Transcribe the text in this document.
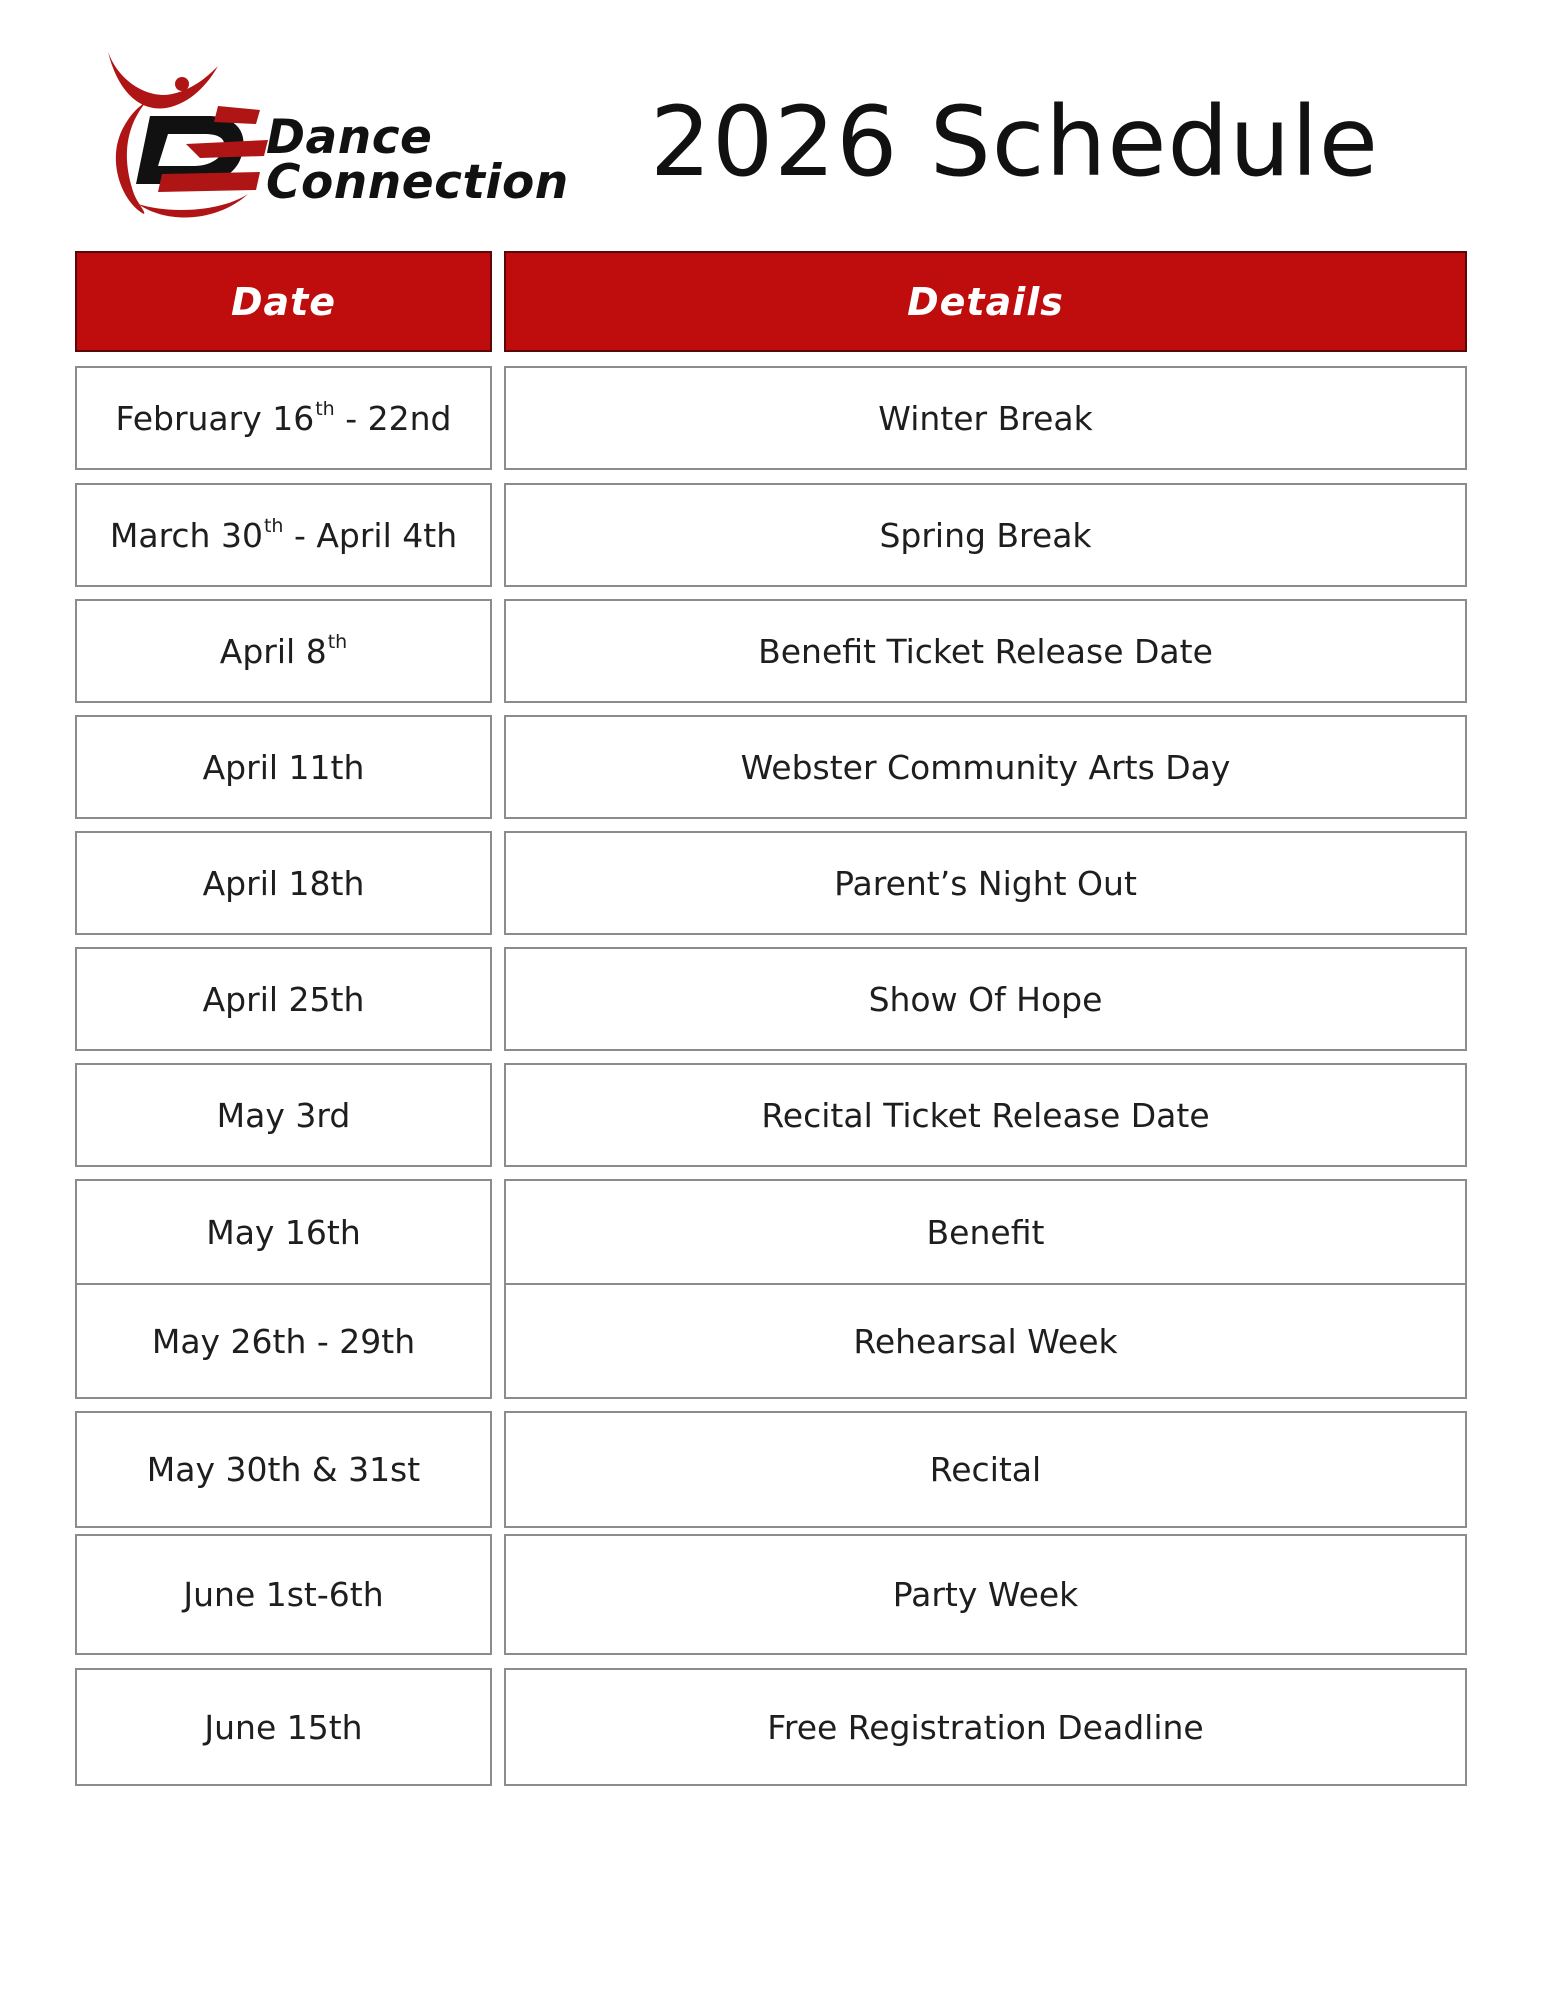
Dance
Connection 2026 Schedule
Date	Details
February 16th - 22nd	Winter Break
March 30th - April 4th	Spring Break
April 8th	Benefit Ticket Release Date
April 11th	Webster Community Arts Day
April 18th	Parent’s Night Out
April 25th	Show Of Hope
May 3rd	Recital Ticket Release Date
May 16th	Benefit
May 26th - 29th	Rehearsal Week
May 30th & 31st	Recital
June 1st-6th	Party Week
June 15th	Free Registration Deadline
